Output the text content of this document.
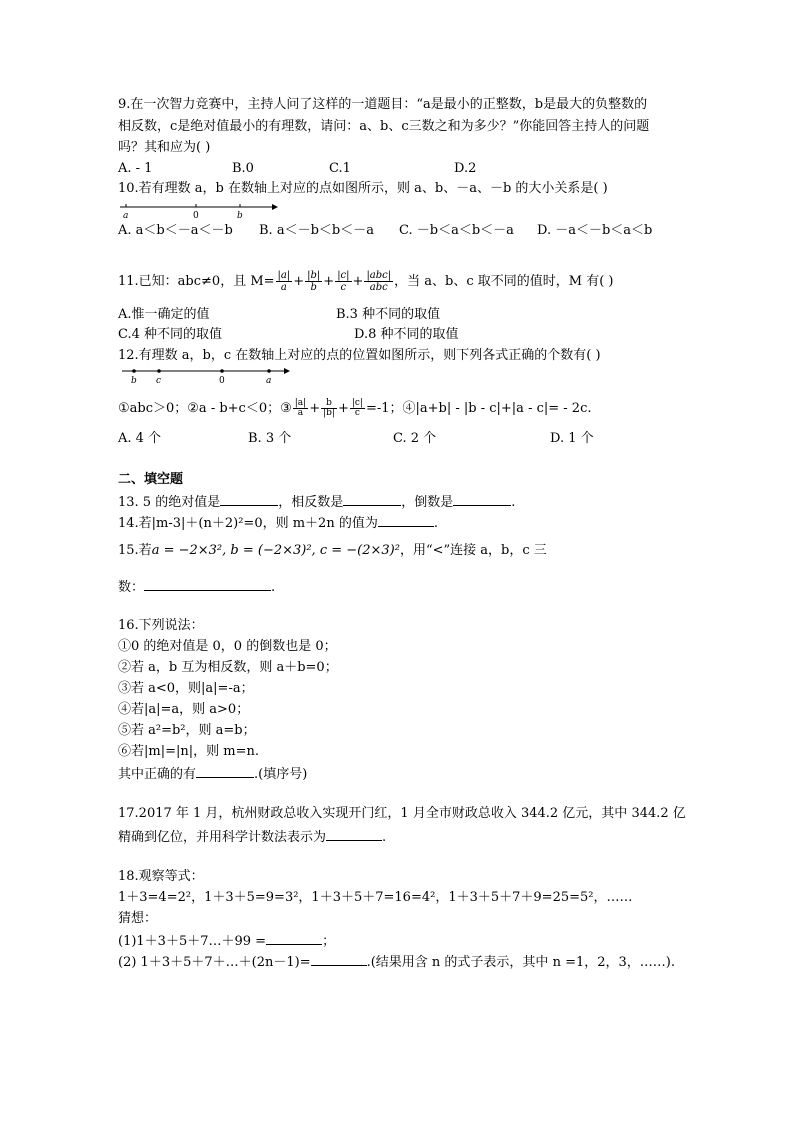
9.在一次智力竞赛中，主持人问了这样的一道题目：“a是最小的正整数，b是最大的负整数的
相反数，c是绝对值最小的有理数，请问：a、b、c三数之和为多少？”你能回答主持人的问题
吗？其和应为( )
A. - 1	B.0	C.1	D.2
10.若有理数 a，b 在数轴上对应的点如图所示，则 a、b、－a、－b 的大小关系是( )
a	0	b
A. a＜b＜－a＜－b B. a＜－b＜b＜－a C. －b＜a＜b＜－a D. －a＜－b＜a＜b
11.已知：abc≠0，且 $M= \frac{|a|}{a} + \frac{|b|}{b} + \frac{|c|}{c} + \frac{\text{|abc|}}{\text{abc}}$ ，当 a、b、c 取不同的值时，M 有( )
A.惟一确定的值	B.3 种不同的取值
C.4 种不同的取值	D.8 种不同的取值
12.有理数 a，b，c 在数轴上对应的点的位置如图所示，则下列各式正确的个数有( )
b c	0	a
①abc＞0；②a - b+c＜0；③ $\frac{|a|}{a} + \frac{b}{|b|} + \frac{|c|}{c} =-1$；④|a+b| - |b - c|+|a - c|= - 2c.
A. 4 个	B. 3 个	C. 2 个	D. 1 个
二、填空题
13. 5 的绝对值是	，相反数是	，倒数是	.
14.若|m-3|＋(n＋2)²=0，则 m＋2n 的值为	.
15.若a = −2×3², b = (−2×3)², c = −(2×3)²，用“<”连接 a，b，c 三
数：	.
16.下列说法：
①0 的绝对值是 0，0 的倒数也是 0；
②若 a，b 互为相反数，则 a＋b=0；
③若 a<0，则|a|=-a；
④若|a|=a，则 a>0；
⑤若 a²=b²，则 a=b；
⑥若|m|=|n|，则 m=n.
其中正确的有	.(填序号)
17.2017 年 1 月，杭州财政总收入实现开门红，1 月全市财政总收入 344.2 亿元，其中 344.2 亿
精确到亿位，并用科学计数法表示为	.
18.观察等式：
1＋3=4=2²，1＋3＋5=9=3²，1＋3＋5＋7=16=4²，1＋3＋5＋7＋9=25=5²，……
猜想：
(1)1＋3＋5＋7…＋99 =	；
(2) 1＋3＋5＋7＋…＋(2n－1)=	.(结果用含 n 的式子表示，其中 n =1，2，3，……).
